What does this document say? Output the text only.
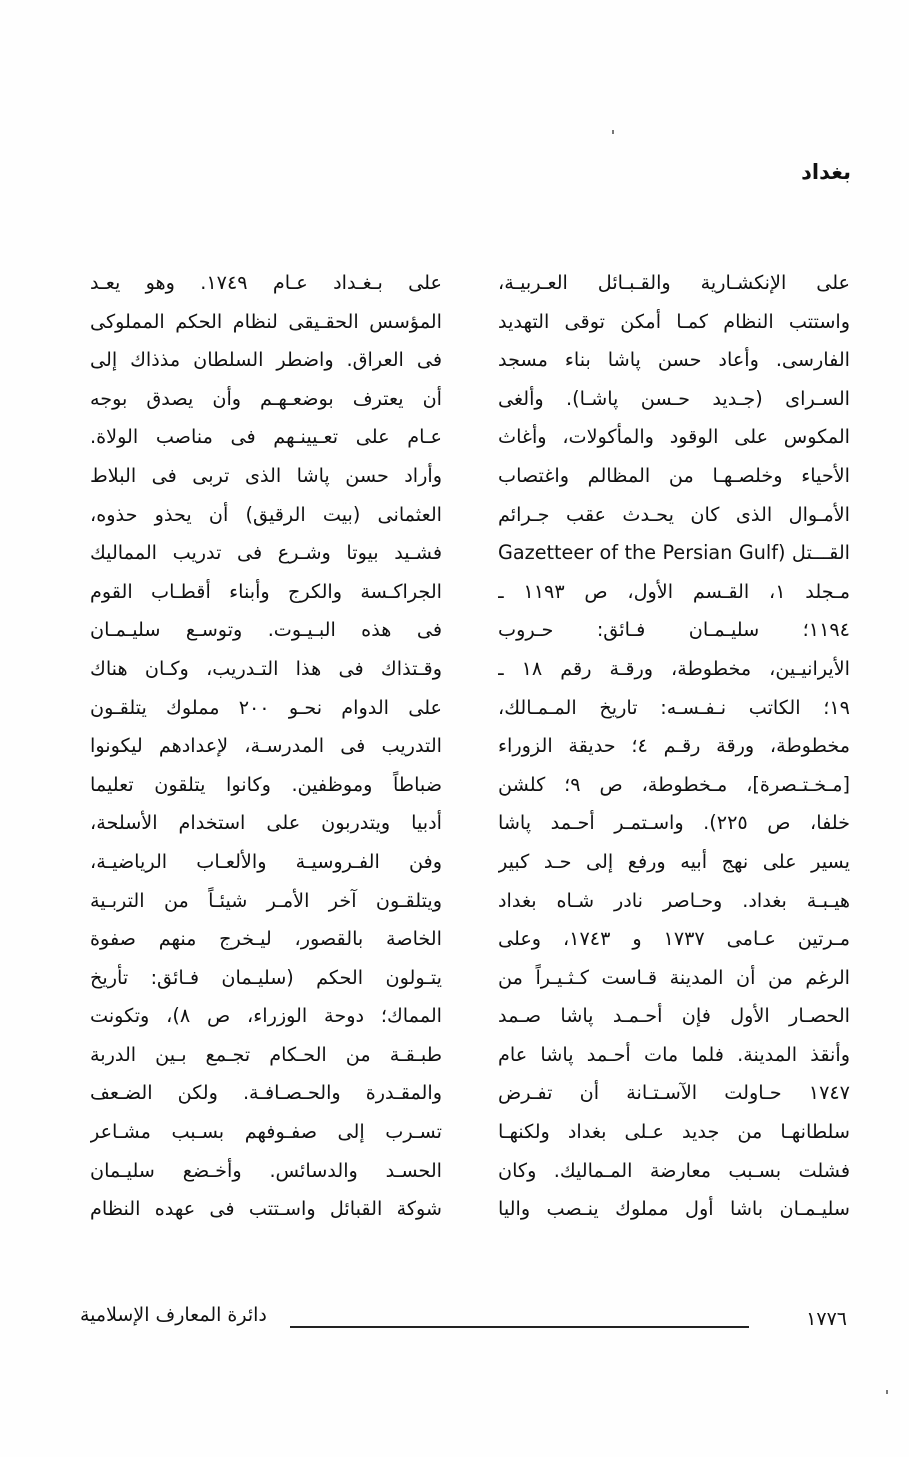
بغداد
على الإنكشـارية والقـبـائل العـربيـة،
واستتب النظام كمـا أمكن توقى التهديد
الفارسى. وأعاد حسن پاشا بناء مسجد
السـراى (جـديد حـسن پاشـا). وألغى
المكوس على الوقود والمأكولات، وأغاث
الأحياء وخلصـهـا من المظالم واغتصاب
الأمـوال الذى كان يحـدث عقب جـرائم
القـــتل (Gazetteer of the Persian Gulf
مـجلد ١، القـسم الأول، ص ١١٩٣ ـ
١١٩٤؛ سليـمـان فـائق: حـروب
الأيرانيـين، مخطوطة، ورقـة رقم ١٨ ـ
١٩؛ الكاتب نـفـسـه: تاريخ المـمـالك،
مخطوطة، ورقة رقـم ٤؛ حديقة الزوراء
[مـخـتـصرة]، مـخطوطة، ص ٩؛ كلشن
خلفا، ص ٢٢٥). واسـتمـر أحـمد پاشا
يسير على نهج أبيه ورفع إلى حـد كبير
هيـبـة بغداد. وحـاصر نادر شـاه بغداد
مـرتين عـامى ١٧٣٧ و ١٧٤٣، وعلى
الرغم من أن المدينة قـاست كـثـيـراً من
الحصـار الأول فإن أحـمـد پاشا صـمد
وأنقذ المدينة. فلما مات أحـمد پاشا عام
١٧٤٧ حـاولت الآسـتـانة أن تفـرض
سلطانهـا من جديد عـلى بغداد ولكنهـا
فشلت بسـبب معارضة المـماليك. وكان
سليـمـان باشا أول مملوك ينـصب واليا
على بـغـداد عـام ١٧٤٩. وهو يعـد
المؤسس الحقـيقى لنظام الحكم المملوكى
فى العراق. واضطر السلطان مذذاك إلى
أن يعترف بوضعـهـم وأن يصدق بوجه
عـام على تعـيينـهم فى مناصب الولاة.
وأراد حسن پاشا الذى تربى فى البلاط
العثمانى (بيت الرقيق) أن يحذو حذوه،
فشـيد بيوتا وشـرع فى تدريب المماليك
الجراكـسة والكرج وأبناء أقطـاب القوم
فى هذه البـيـوت. وتوسـع سليـمـان
وقـتذاك فى هذا التـدريب، وكـان هناك
على الدوام نحـو ٢٠٠ مملوك يتلقـون
التدريب فى المدرسـة، لإعدادهم ليكونوا
ضباطاً وموظفين. وكانوا يتلقون تعليما
أدبيا ويتدربون على استخدام الأسلحة،
وفن الفـروسيـة والألعـاب الرياضيـة،
ويتلقـون آخر الأمـر شيئـاً من التربـية
الخاصة بالقصور، ليـخرج منهم صفوة
يتـولون الحكم (سليـمان فـائق: تأريخ
المماك؛ دوحة الوزراء، ص ٨)، وتكونت
طبـقـة من الحـكام تجـمع بـين الدربة
والمقـدرة والحـصـافـة. ولكن الضـعف
تسـرب إلى صفـوفهم بسـبب مشـاعر
الحسـد والدسائس. وأخـضع سليـمان
شوكة القبائل واسـتتب فى عهده النظام
١٧٧٦
دائرة المعارف الإسلامية
